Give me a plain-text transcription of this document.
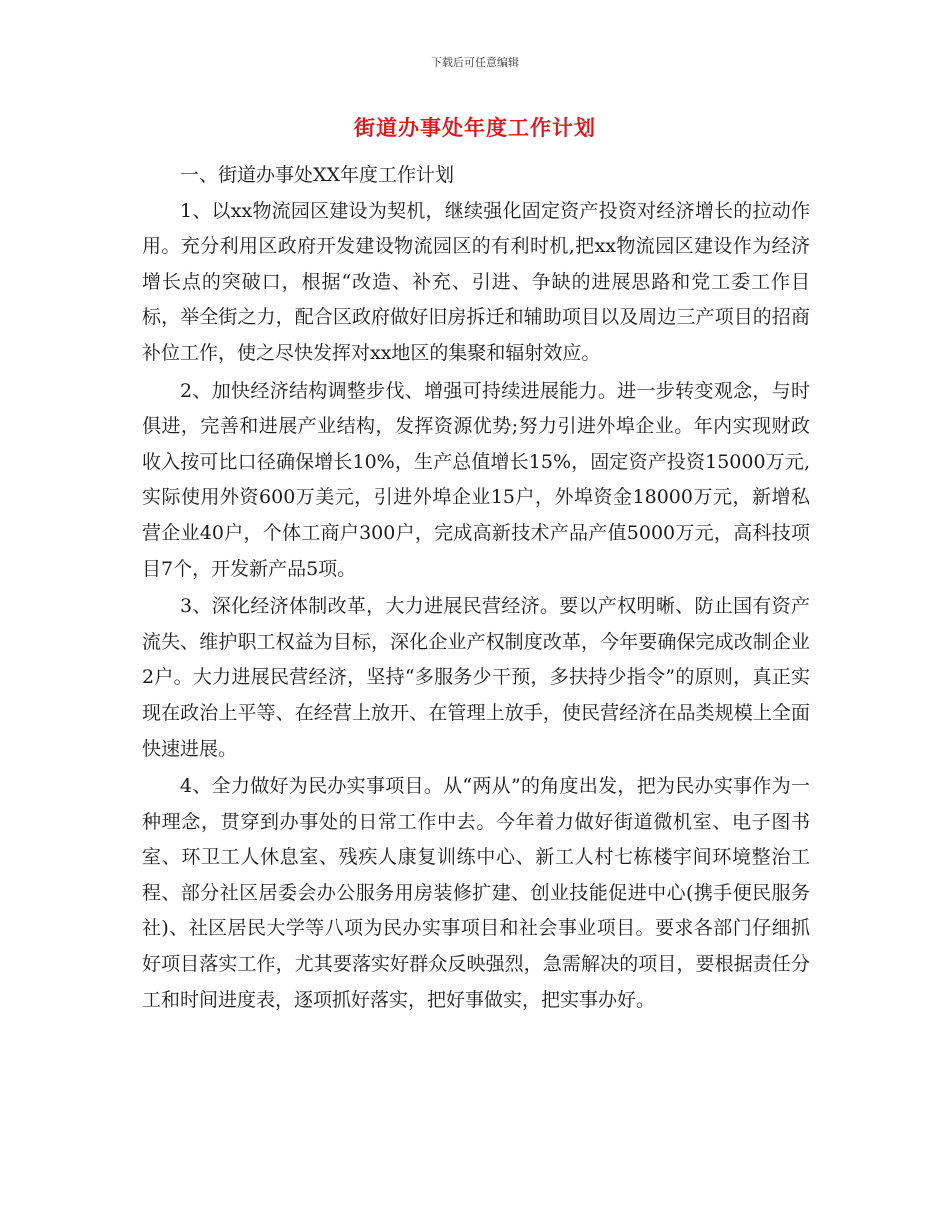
下载后可任意编辑
街道办事处年度工作计划

一、街道办事处XX年度工作计划

1、以xx物流园区建设为契机，继续强化固定资产投资对经济增长的拉动作用。充分利用区政府开发建设物流园区的有利时机,把xx物流园区建设作为经济增长点的突破口，根据“改造、补充、引进、争缺的进展思路和党工委工作目标，举全街之力，配合区政府做好旧房拆迁和辅助项目以及周边三产项目的招商补位工作，使之尽快发挥对xx地区的集聚和辐射效应。

2、加快经济结构调整步伐、增强可持续进展能力。进一步转变观念，与时俱进，完善和进展产业结构，发挥资源优势;努力引进外埠企业。年内实现财政收入按可比口径确保增长10%，生产总值增长15%，固定资产投资15000万元,实际使用外资600万美元，引进外埠企业15户，外埠资金18000万元，新增私营企业40户，个体工商户300户，完成高新技术产品产值5000万元，高科技项目7个，开发新产品5项。

3、深化经济体制改革，大力进展民营经济。要以产权明晰、防止国有资产流失、维护职工权益为目标，深化企业产权制度改革，今年要确保完成改制企业2户。大力进展民营经济，坚持“多服务少干预，多扶持少指令”的原则，真正实现在政治上平等、在经营上放开、在管理上放手，使民营经济在品类规模上全面快速进展。

4、全力做好为民办实事项目。从“两从”的角度出发，把为民办实事作为一种理念，贯穿到办事处的日常工作中去。今年着力做好街道微机室、电子图书室、环卫工人休息室、残疾人康复训练中心、新工人村七栋楼宇间环境整治工程、部分社区居委会办公服务用房装修扩建、创业技能促进中心(携手便民服务社)、社区居民大学等八项为民办实事项目和社会事业项目。要求各部门仔细抓好项目落实工作，尤其要落实好群众反映强烈，急需解决的项目，要根据责任分工和时间进度表，逐项抓好落实，把好事做实，把实事办好。
